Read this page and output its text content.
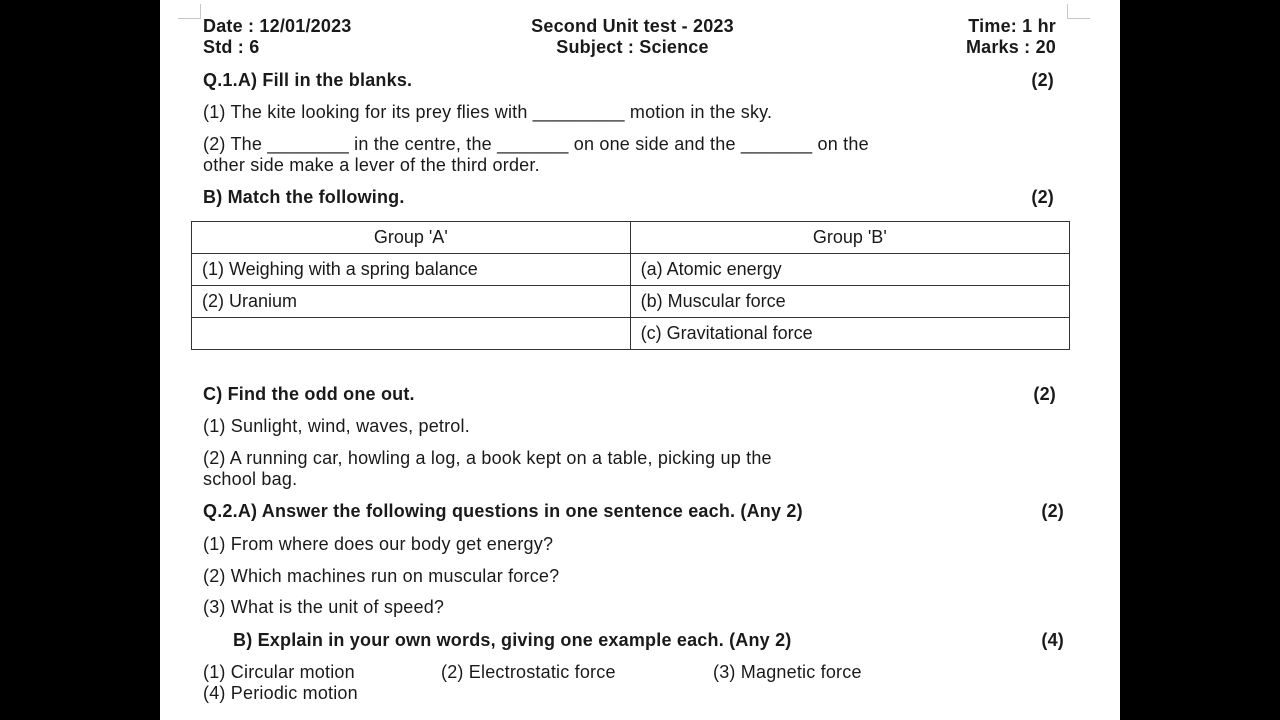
Date : 12/01/2023	Second Unit test - 2023	Time: 1 hr
Std : 6	Subject : Science	Marks : 20
Q.1.A) Fill in the blanks.	(2)
(1) The kite looking for its prey flies with _________ motion in the sky.
(2) The ________ in the centre, the _______ on one side and the _______ on the
other side make a lever of the third order.
B) Match the following.	(2)
Group 'A'	Group 'B'
(1) Weighing with a spring balance	(a) Atomic energy
(2) Uranium	(b) Muscular force
	(c) Gravitational force
C) Find the odd one out.	(2)
(1) Sunlight, wind, waves, petrol.
(2) A running car, howling a log, a book kept on a table, picking up the
school bag.
Q.2.A) Answer the following questions in one sentence each. (Any 2)	(2)
(1) From where does our body get energy?
(2) Which machines run on muscular force?
(3) What is the unit of speed?
B) Explain in your own words, giving one example each. (Any 2)	(4)
(1) Circular motion	(2) Electrostatic force	(3) Magnetic force
(4) Periodic motion
